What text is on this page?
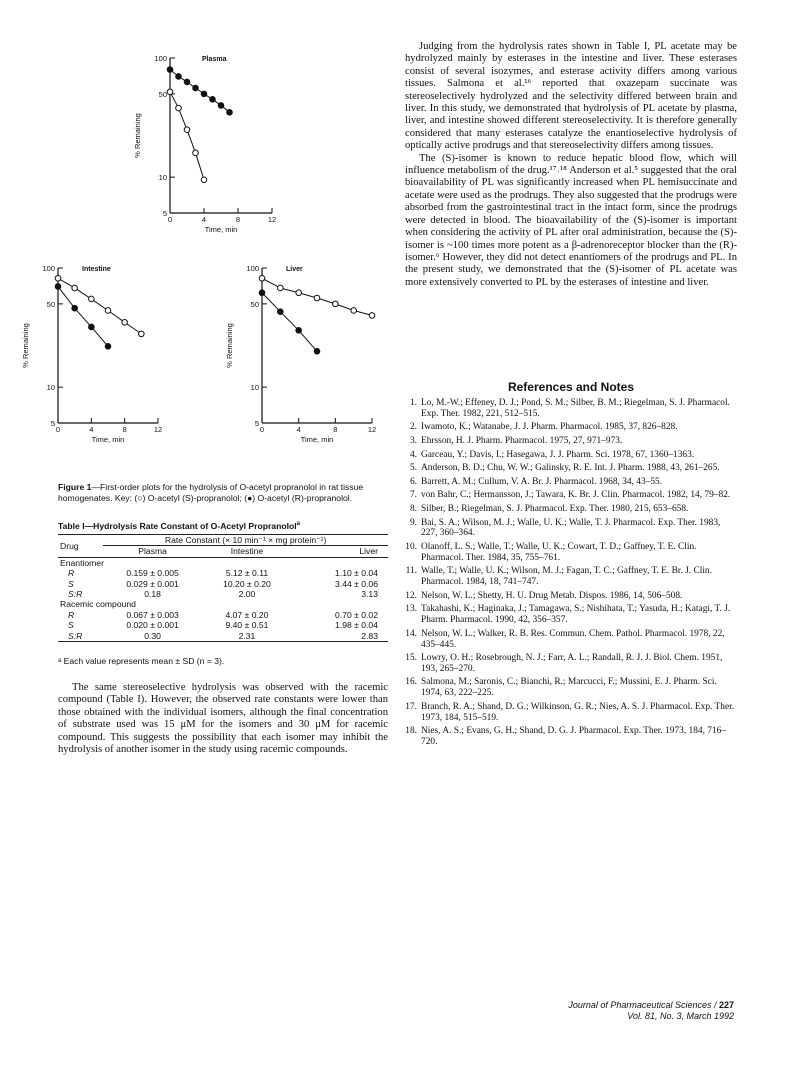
100
50
10
5
0	4	8	12
Plasma
Time, min
% Remaining
100
50
10
5
0	4	8	12
Intestine
Time, min
% Remaining
100
50
10
5
0	4	8	12
Liver
Time, min
% Remaining
Figure 1—First-order plots for the hydrolysis of O-acetyl propranolol in rat tissue homogenates. Key: (○) O-acetyl (S)-propranolol; (●) O-acetyl (R)-propranolol.
Table I—Hydrolysis Rate Constant of O-Acetyl Propranolol$^a$
Drug	Rate Constant (× 10 min⁻¹ × mg protein⁻¹)		
	Plasma	Intestine	Liver
Enantiomer			
R	0.159 ± 0.005	5.12 ± 0.11	1.10 ± 0.04
S	0.029 ± 0.001	10.20 ± 0.20	3.44 ± 0.06
S:R	0.18	2.00	3.13
Racemic compound			
R	0.067 ± 0.003	4.07 ± 0.20	0.70 ± 0.02
S	0.020 ± 0.001	9.40 ± 0.51	1.98 ± 0.04
S:R	0.30	2.31	2.83
ᵃ Each value represents mean ± SD (n = 3).

The same stereoselective hydrolysis was observed with the racemic compound (Table I). However, the observed rate constants were lower than those obtained with the individual isomers, although the final concentration of substrate used was 15 μM for the isomers and 30 μM for racemic compound. This suggests the possibility that each isomer may inhibit the hydrolysis of another isomer in the study using racemic compounds.

Judging from the hydrolysis rates shown in Table I, PL acetate may be hydrolyzed mainly by esterases in the intestine and liver. These esterases consist of several isozymes, and esterase activity differs among various tissues. Salmona et al.¹⁶ reported that oxazepam succinate was stereoselectively hydrolyzed and the selectivity differed between brain and liver. In this study, we demonstrated that hydrolysis of PL acetate by plasma, liver, and intestine showed different stereoselectivity. It is therefore generally considered that many esterases catalyze the enantioselective hydrolysis of optically active prodrugs and that stereoselectivity differs among tissues.

The (S)-isomer is known to reduce hepatic blood flow, which will influence metabolism of the drug.¹⁷˒¹⁸ Anderson et al.⁵ suggested that the oral bioavailability of PL was significantly increased when PL hemisuccinate and acetate were used as the prodrugs. They also suggested that the prodrugs were absorbed from the gastrointestinal tract in the intact form, since the prodrugs were detected in blood. The bioavailability of the (S)-isomer is important when considering the activity of PL after oral administration, because the (S)-isomer is ~100 times more potent as a β-adrenoreceptor blocker than the (R)-isomer.⁶ However, they did not detect enantiomers of the prodrugs and PL. In the present study, we demonstrated that the (S)-isomer of PL acetate was more extensively converted to PL by the esterases of intestine and liver.

References and Notes
1. Lo, M.-W.; Effeney, D. J.; Pond, S. M.; Silber, B. M.; Riegelman, S. J. Pharmacol. Exp. Ther. 1982, 221, 512–515.
2. Iwamoto, K.; Watanabe, J. J. Pharm. Pharmacol. 1985, 37, 826–828.
3. Ehrsson, H. J. Pharm. Pharmacol. 1975, 27, 971–973.
4. Garceau, Y.; Davis, I.; Hasegawa, J. J. Pharm. Sci. 1978, 67, 1360–1363.
5. Anderson, B. D.; Chu, W. W.; Galinsky, R. E. Int. J. Pharm. 1988, 43, 261–265.
6. Barrett, A. M.; Cullum, V. A. Br. J. Pharmacol. 1968, 34, 43–55.
7. von Bahr, C.; Hermansson, J.; Tawara, K. Br. J. Clin. Pharmacol. 1982, 14, 79–82.
8. Silber, B.; Riegelman, S. J. Pharmacol. Exp. Ther. 1980, 215, 653–658.
9. Bai, S. A.; Wilson, M. J.; Walle, U. K.; Walle, T. J. Pharmacol. Exp. Ther. 1983, 227, 360–364.
10. Olanoff, L. S.; Walle, T.; Walle, U. K.; Cowart, T. D.; Gaffney, T. E. Clin. Pharmacol. Ther. 1984, 35, 755–761.
11. Walle, T.; Walle, U. K.; Wilson, M. J.; Fagan, T. C.; Gaffney, T. E. Br. J. Clin. Pharmacol. 1984, 18, 741–747.
12. Nelson, W. L.; Shetty, H. U. Drug Metab. Dispos. 1986, 14, 506–508.
13. Takahashi, K.; Haginaka, J.; Tamagawa, S.; Nishihata, T.; Yasuda, H.; Katagi, T. J. Pharm. Pharmacol. 1990, 42, 356–357.
14. Nelson, W. L.; Walker, R. B. Res. Commun. Chem. Pathol. Pharmacol. 1978, 22, 435–445.
15. Lowry, O. H.; Rosebrough, N. J.; Farr, A. L.; Randall, R. J. J. Biol. Chem. 1951, 193, 265–270.
16. Salmona, M.; Saronis, C.; Bianchi, R.; Marcucci, F.; Mussini, E. J. Pharm. Sci. 1974, 63, 222–225.
17. Branch, R. A.; Shand, D. G.; Wilkinson, G. R.; Nies, A. S. J. Pharmacol. Exp. Ther. 1973, 184, 515–519.
18. Nies, A. S.; Evans, G. H.; Shand, D. G. J. Pharmacol. Exp. Ther. 1973, 184, 716–720.
Journal of Pharmaceutical Sciences / 227
Vol. 81, No. 3, March 1992
